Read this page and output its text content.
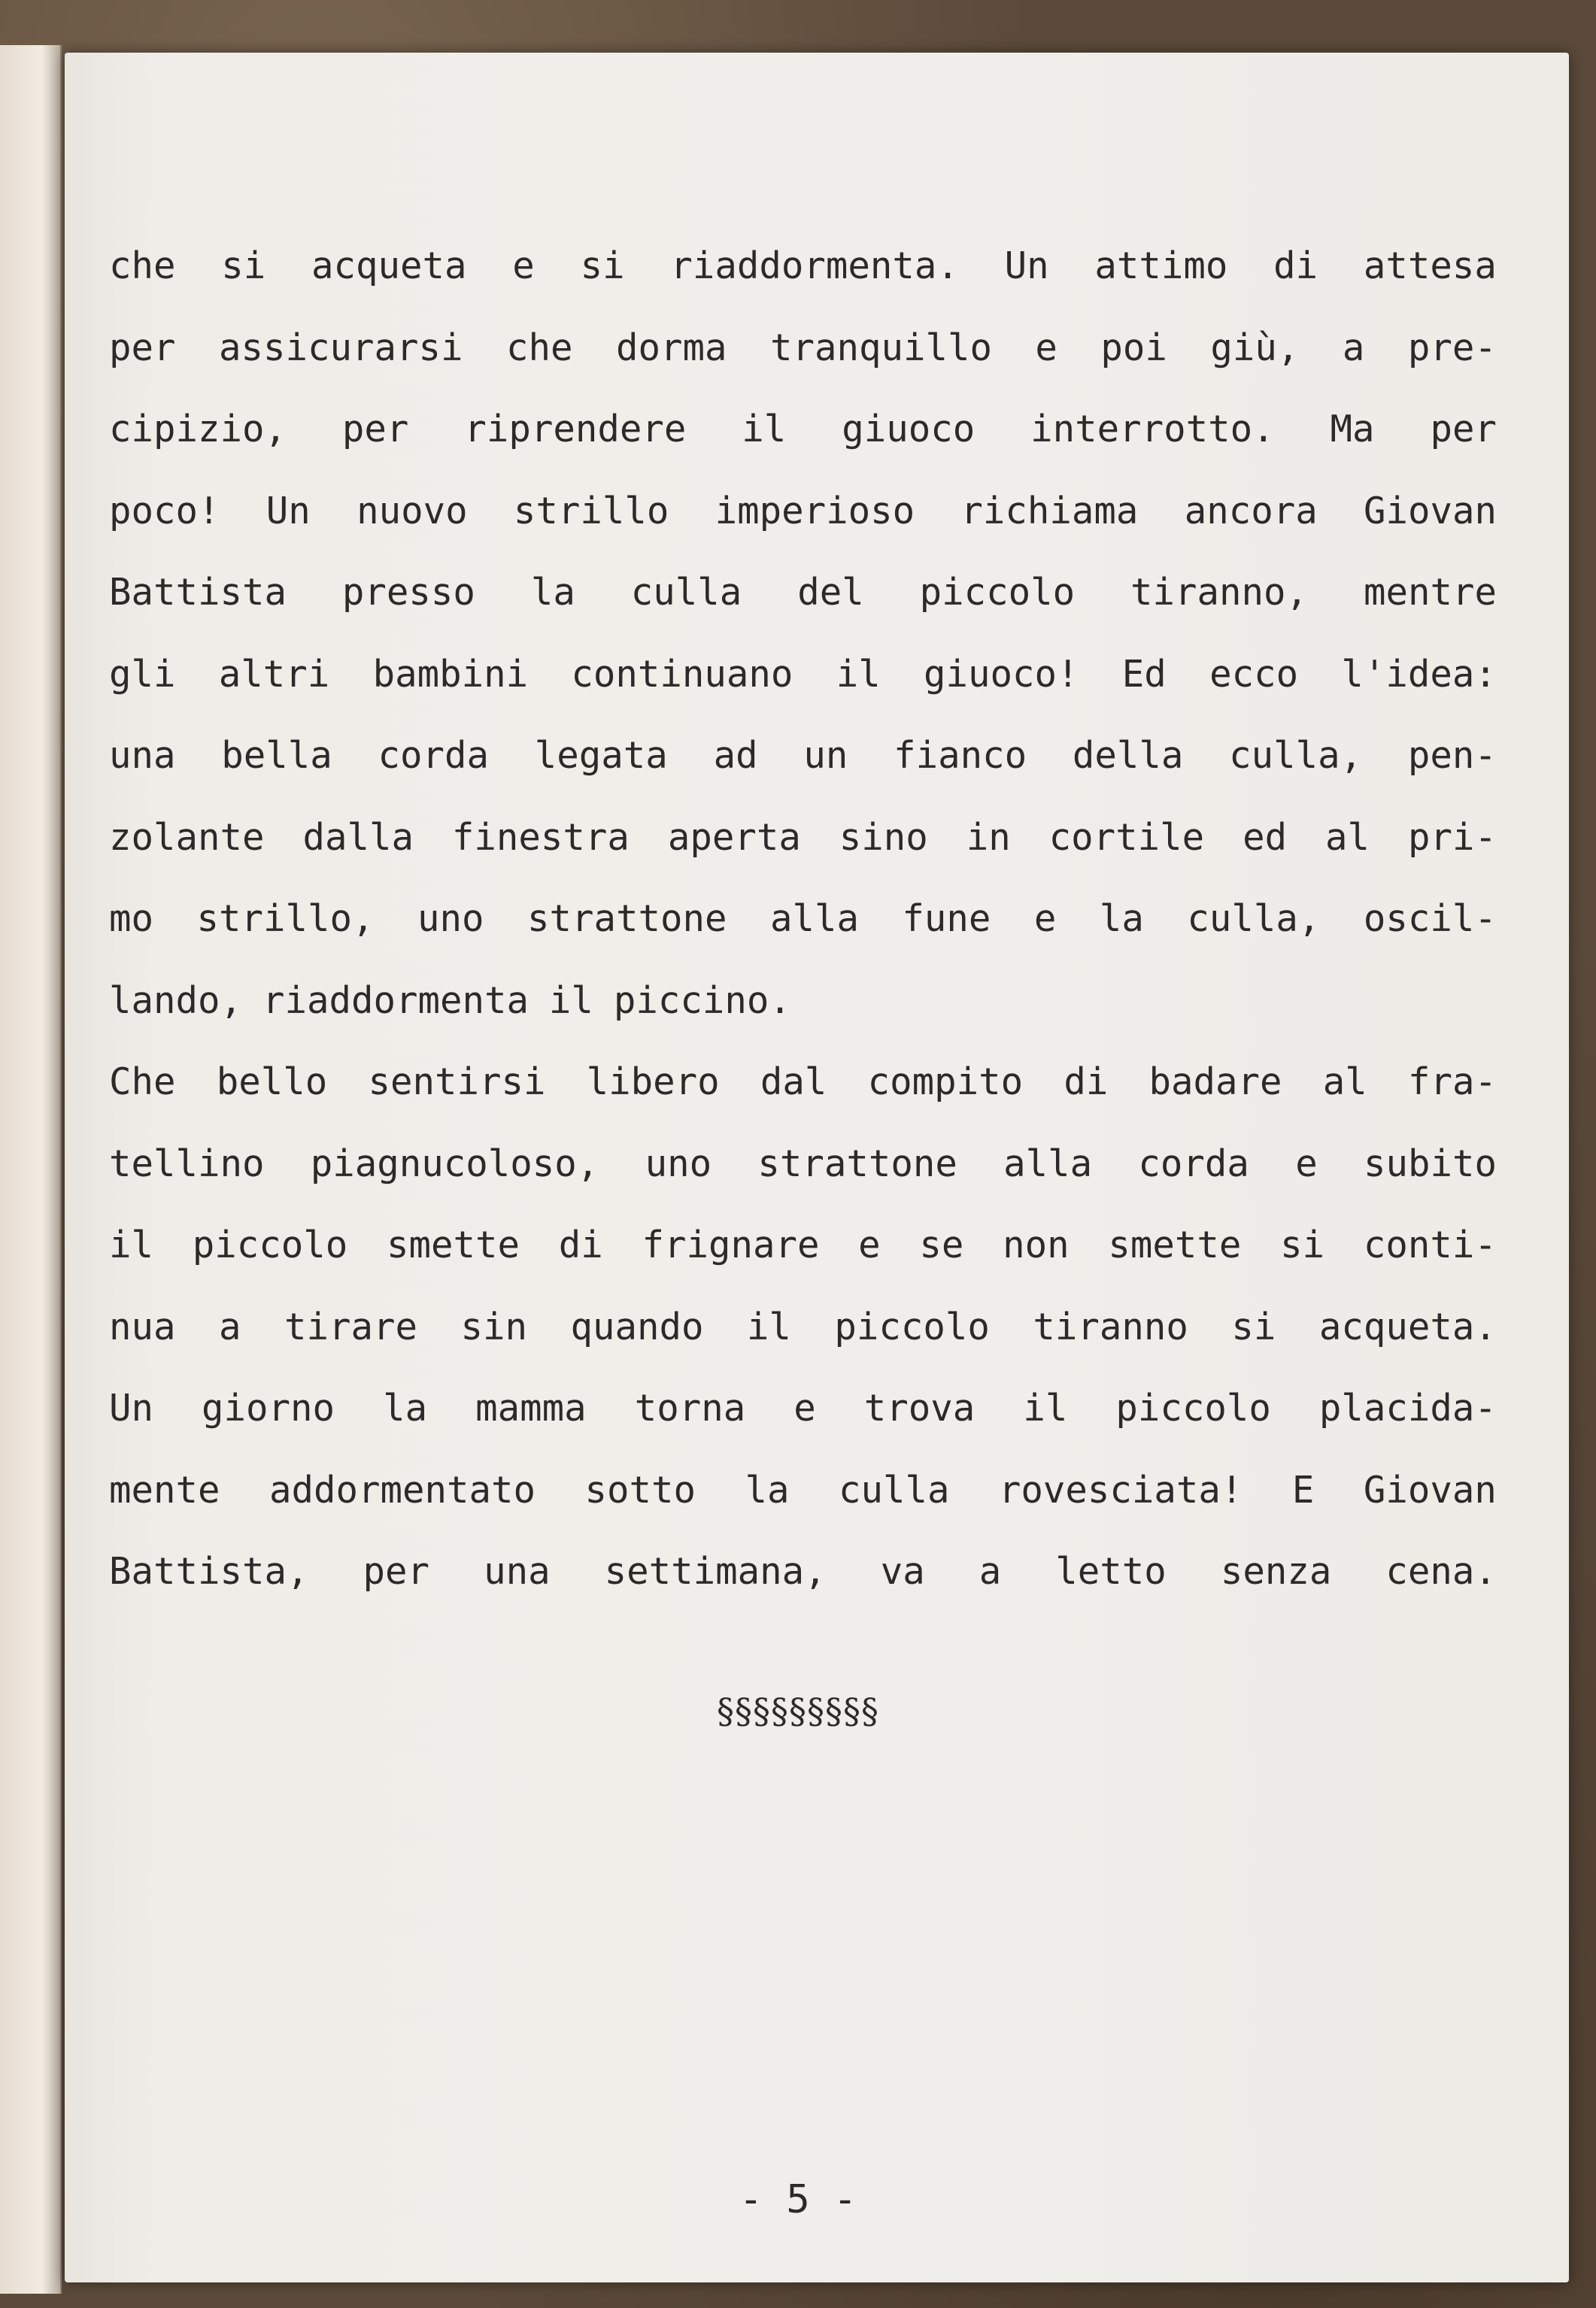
che si acqueta e si riaddormenta. Un attimo di attesa
per assicurarsi che dorma tranquillo e poi giù, a pre-
cipizio, per riprendere il giuoco interrotto. Ma per
poco! Un nuovo strillo imperioso richiama ancora Giovan
Battista presso la culla del piccolo tiranno, mentre
gli altri bambini continuano il giuoco! Ed ecco l'idea:
una bella corda legata ad un fianco della culla, pen-
zolante dalla finestra aperta sino in cortile ed al pri-
mo strillo, uno strattone alla fune e la culla, oscil-
lando, riaddormenta il piccino.
Che bello sentirsi libero dal compito di badare al fra-
tellino piagnucoloso, uno strattone alla corda e subito
il piccolo smette di frignare e se non smette si conti-
nua a tirare sin quando il piccolo tiranno si acqueta.
Un giorno la mamma torna e trova il piccolo placida-
mente addormentato sotto la culla rovesciata! E Giovan
Battista, per una settimana, va a letto senza cena.
§§§§§§§§§
- 5 -
